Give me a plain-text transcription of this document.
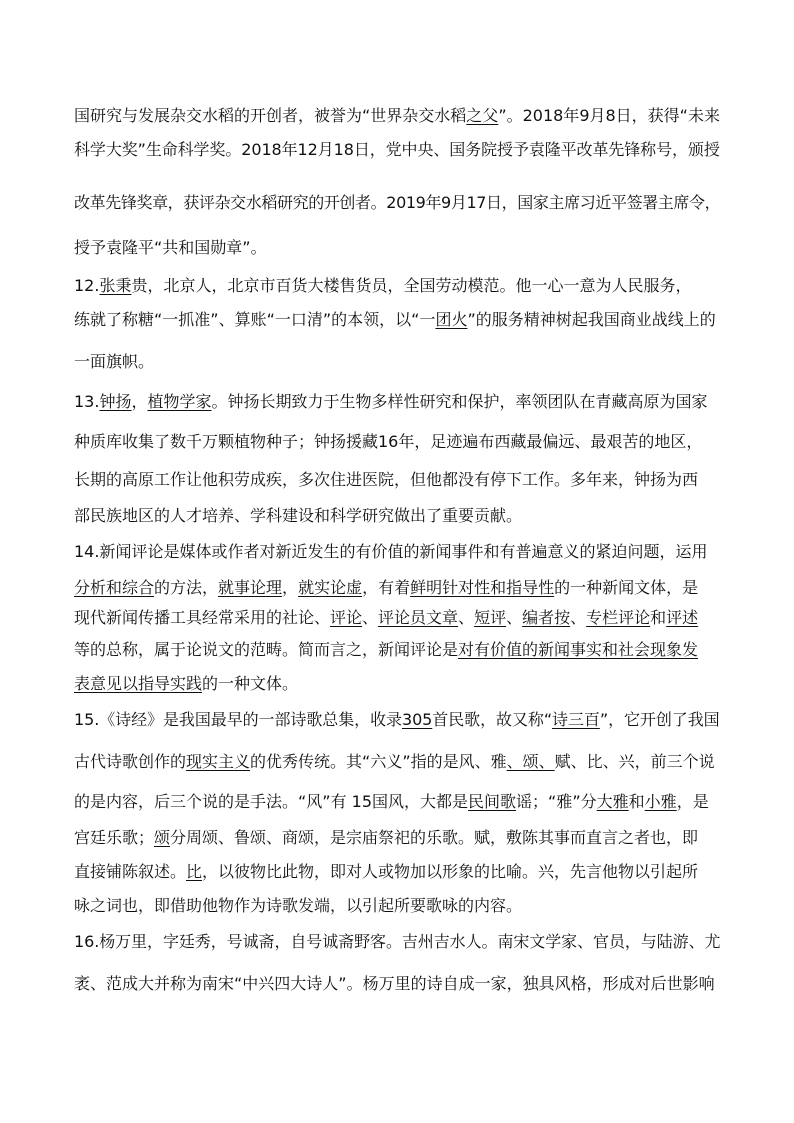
国研究与发展杂交水稻的开创者，被誉为“世界杂交水稻之父”。2018年9月8日，获得“未来
科学大奖”生命科学奖。2018年12月18日，党中央、国务院授予袁隆平改革先锋称号，颁授
改革先锋奖章，获评杂交水稻研究的开创者。2019年9月17日，国家主席习近平签署主席令，
授予袁隆平“共和国勋章”。
12.张秉贵，北京人，北京市百货大楼售货员，全国劳动模范。他一心一意为人民服务，
练就了称糖“一抓准”、算账“一口清”的本领，以“一团火”的服务精神树起我国商业战线上的
一面旗帜。
13.钟扬，植物学家。钟扬长期致力于生物多样性研究和保护，率领团队在青藏高原为国家
种质库收集了数千万颗植物种子；钟扬援藏16年，足迹遍布西藏最偏远、最艰苦的地区，
长期的高原工作让他积劳成疾，多次住进医院，但他都没有停下工作。多年来，钟扬为西
部民族地区的人才培养、学科建设和科学研究做出了重要贡献。
14.新闻评论是媒体或作者对新近发生的有价值的新闻事件和有普遍意义的紧迫问题，运用
分析和综合的方法，就事论理，就实论虚，有着鲜明针对性和指导性的一种新闻文体，是
现代新闻传播工具经常采用的社论、评论、评论员文章、短评、编者按、专栏评论和评述
等的总称，属于论说文的范畴。简而言之，新闻评论是对有价值的新闻事实和社会现象发
表意见以指导实践的一种文体。
15.《诗经》是我国最早的一部诗歌总集，收录305首民歌，故又称“诗三百”，它开创了我国
古代诗歌创作的现实主义的优秀传统。其“六义”指的是风、雅、颂、赋、比、兴，前三个说
的是内容，后三个说的是手法。“风”有 15国风，大都是民间歌谣；“雅”分大雅和小雅，是
宫廷乐歌；颂分周颂、鲁颂、商颂，是宗庙祭祀的乐歌。赋，敷陈其事而直言之者也，即
直接铺陈叙述。比，以彼物比此物，即对人或物加以形象的比喻。兴，先言他物以引起所
咏之词也，即借助他物作为诗歌发端，以引起所要歌咏的内容。
16.杨万里，字廷秀，号诚斋，自号诚斋野客。吉州吉水人。南宋文学家、官员，与陆游、尤
袤、范成大并称为南宋“中兴四大诗人”。杨万里的诗自成一家，独具风格，形成对后世影响
